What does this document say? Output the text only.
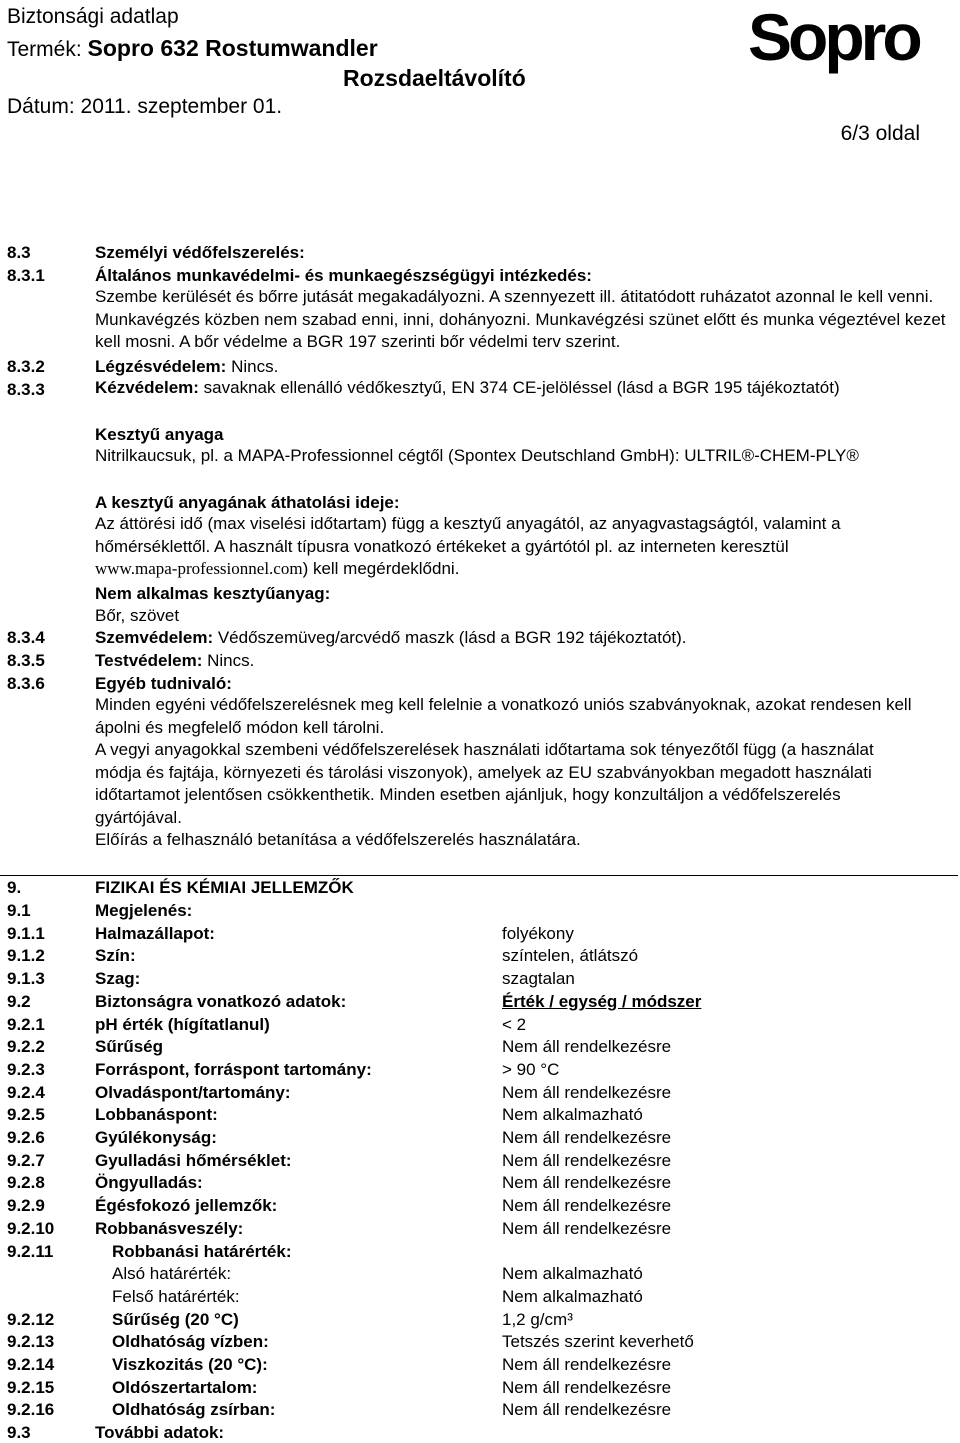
Biztonsági adatlap
Termék: Sopro 632 Rostumwandler
Rozsdaeltávolító
Dátum: 2011. szeptember 01.
6/3 oldal
Sopro
8.3	Személyi védőfelszerelés:
8.3.1	Általános munkavédelmi- és munkaegészségügyi intézkedés:
Szembe kerülését és bőrre jutását megakadályozni. A szennyezett ill. átitatódott ruházatot azonnal le kell venni. Munkavégzés közben nem szabad enni, inni, dohányozni. Munkavégzési szünet előtt és munka végeztével kezet kell mosni. A bőr védelme a BGR 197 szerinti bőr védelmi terv szerint.
8.3.2	Légzésvédelem: Nincs.
8.3.3	Kézvédelem: savaknak ellenálló védőkesztyű, EN 374 CE-jelöléssel (lásd a BGR 195 tájékoztatót)
Kesztyű anyaga
Nitrilkaucsuk, pl. a MAPA-Professionnel cégtől (Spontex Deutschland GmbH): ULTRIL®-CHEM-PLY®
A kesztyű anyagának áthatolási ideje:
Az áttörési idő (max viselési időtartam) függ a kesztyű anyagától, az anyagvastagságtól, valamint a hőmérséklettől. A használt típusra vonatkozó értékeket a gyártótól pl. az interneten keresztül
www.mapa-professionnel.com) kell megérdeklődni.
Nem alkalmas kesztyűanyag:
Bőr, szövet
8.3.4	Szemvédelem: Védőszemüveg/arcvédő maszk (lásd a BGR 192 tájékoztatót).
8.3.5	Testvédelem: Nincs.
8.3.6	Egyéb tudnivaló:
Minden egyéni védőfelszerelésnek meg kell felelnie a vonatkozó uniós szabványoknak, azokat rendesen kell ápolni és megfelelő módon kell tárolni.
A vegyi anyagokkal szembeni védőfelszerelések használati időtartama sok tényezőtől függ (a használat módja és fajtája, környezeti és tárolási viszonyok), amelyek az EU szabványokban megadott használati időtartamot jelentősen csökkenthetik. Minden esetben ajánljuk, hogy konzultáljon a védőfelszerelés gyártójával.
Előírás a felhasználó betanítása a védőfelszerelés használatára.
9.	FIZIKAI ÉS KÉMIAI JELLEMZŐK
9.1	Megjelenés:
9.1.1	Halmazállapot:	folyékony
9.1.2	Szín:	színtelen, átlátszó
9.1.3	Szag:	szagtalan
9.2	Biztonságra vonatkozó adatok:	Érték / egység / módszer
9.2.1	pH érték (hígítatlanul)	< 2
9.2.2	Sűrűség	Nem áll rendelkezésre
9.2.3	Forráspont, forráspont tartomány:	> 90 °C
9.2.4	Olvadáspont/tartomány:	Nem áll rendelkezésre
9.2.5	Lobbanáspont:	Nem alkalmazható
9.2.6	Gyúlékonyság:	Nem áll rendelkezésre
9.2.7	Gyulladási hőmérséklet:	Nem áll rendelkezésre
9.2.8	Öngyulladás:	Nem áll rendelkezésre
9.2.9	Égésfokozó jellemzők:	Nem áll rendelkezésre
9.2.10 Robbanásveszély:	Nem áll rendelkezésre
9.2.11	Robbanási határérték:
Alsó határérték:	Nem alkalmazható
Felső határérték:	Nem alkalmazható
9.2.12	Sűrűség (20 °C)	1,2 g/cm³
9.2.13	Oldhatóság vízben:	Tetszés szerint keverhető
9.2.14	Viszkozitás (20 °C):	Nem áll rendelkezésre
9.2.15	Oldószertartalom:	Nem áll rendelkezésre
9.2.16	Oldhatóság zsírban:	Nem áll rendelkezésre
9.3	További adatok:
